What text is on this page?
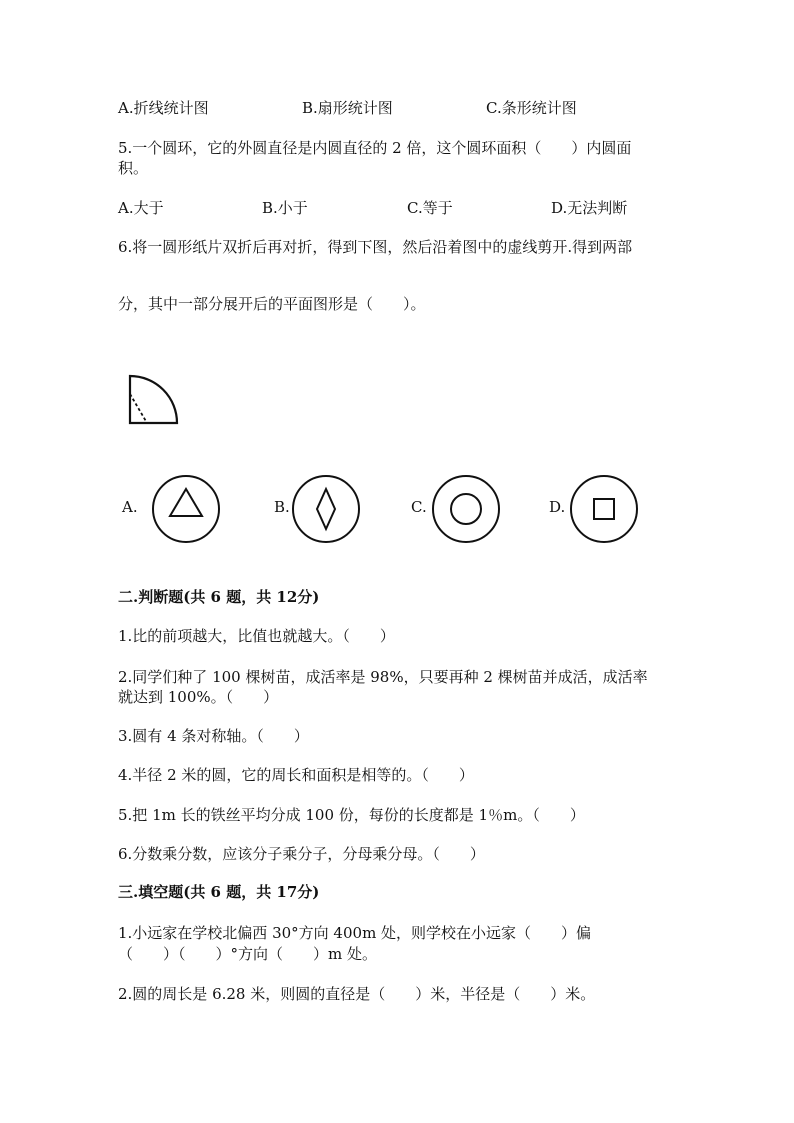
A.折线统计图	B.扇形统计图	C.条形统计图
5.一个圆环，它的外圆直径是内圆直径的 2 倍，这个圆环面积（　　）内圆面
积。
A.大于	B.小于	C.等于	D.无法判断
6.将一圆形纸片双折后再对折，得到下图，然后沿着图中的虚线剪开.得到两部
分，其中一部分展开后的平面图形是（　　）。
A.	B.	C.	D.
二.判断题(共 6 题，共 12分)
1.比的前项越大，比值也就越大。（　　）
2.同学们种了 100 棵树苗，成活率是 98%，只要再种 2 棵树苗并成活，成活率
就达到 100%。（　　）
3.圆有 4 条对称轴。（　　）
4.半径 2 米的圆，它的周长和面积是相等的。（　　）
5.把 1m 长的铁丝平均分成 100 份，每份的长度都是 1％m。（　　）
6.分数乘分数，应该分子乘分子，分母乘分母。（　　）
三.填空题(共 6 题，共 17分)
1.小远家在学校北偏西 30°方向 400m 处，则学校在小远家（　　）偏
（　　）（　　）°方向（　　）m 处。
2.圆的周长是 6.28 米，则圆的直径是（　　）米，半径是（　　）米。
